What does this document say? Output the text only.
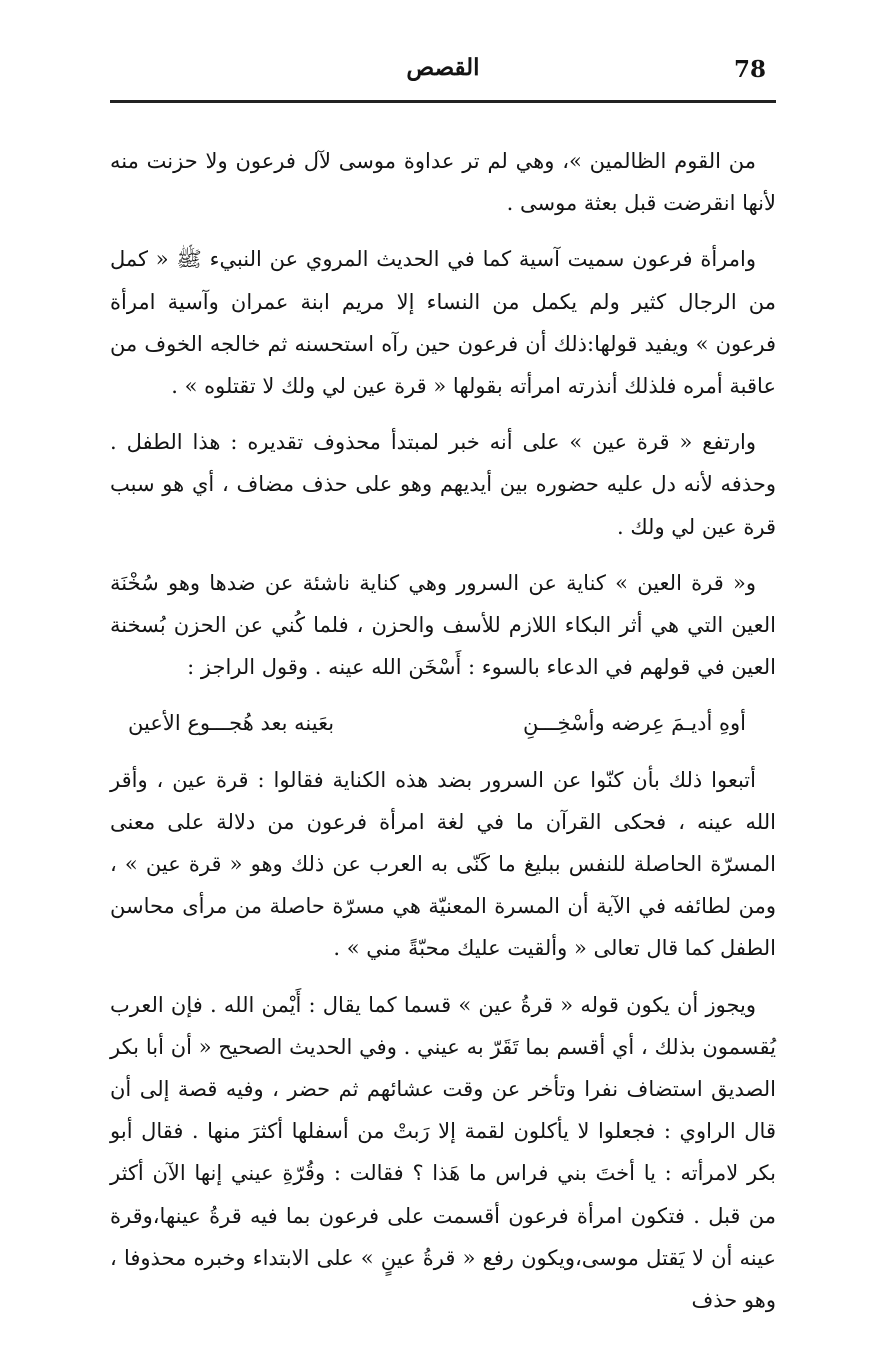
78
القصص

من القوم الظالمين »، وهي لم تر عداوة موسى لآل فرعون ولا حزنت منه لأنها انقرضت قبل بعثة موسى .

وامرأة فرعون سميت آسية كما في الحديث المروي عن النبيء ﷺ « كمل من الرجال كثير ولم يكمل من النساء إلا مريم ابنة عمران وآسية امرأة فرعون » ويفيد قولها:ذلك أن فرعون حين رآه استحسنه ثم خالجه الخوف من عاقبة أمره فلذلك أنذرته امرأته بقولها « قرة عين لي ولك لا تقتلوه » .

وارتفع « قرة عين » على أنه خبر لمبتدأ محذوف تقديره : هذا الطفل . وحذفه لأنه دل عليه حضوره بين أيديهم وهو على حذف مضاف ، أي هو سبب قرة عين لي ولك .

و« قرة العين » كناية عن السرور وهي كناية ناشئة عن ضدها وهو سُخْنَة العين التي هي أثر البكاء اللازم للأسف والحزن ، فلما كُني عن الحزن بُسخنة العين في قولهم في الدعاء بالسوء : أَسْخَن الله عينه . وقول الراجز :

أوهِ أديـمَ عِرضه وأسْخِـــنِ
بعَينه بعد هُجـــوع الأعين

أتبعوا ذلك بأن كنّوا عن السرور بضد هذه الكناية فقالوا : قرة عين ، وأقر الله عينه ، فحكى القرآن ما في لغة امرأة فرعون من دلالة على معنى المسرّة الحاصلة للنفس ببليغ ما كَنّى به العرب عن ذلك وهو « قرة عين » ، ومن لطائفه في الآية أن المسرة المعنيّة هي مسرّة حاصلة من مرأى محاسن الطفل كما قال تعالى « وألقيت عليك محبّةً مني » .

ويجوز أن يكون قوله « قرةُ عين » قسما كما يقال : أَيْمن الله . فإن العرب يُقسمون بذلك ، أي أقسم بما تَقَرّ به عيني . وفي الحديث الصحيح « أن أبا بكر الصديق استضاف نفرا وتأخر عن وقت عشائهم ثم حضر ، وفيه قصة إلى أن قال الراوي : فجعلوا لا يأكلون لقمة إلا رَبتْ من أسفلها أكثرَ منها . فقال أبو بكر لامرأته : يا أختَ بني فراس ما هَذا ؟ فقالت : وقُرّةِ عيني إنها الآن أكثر من قبل . فتكون امرأة فرعون أقسمت على فرعون بما فيه قرةُ عينها،وقرة عينه أن لا يَقتل موسى،ويكون رفع « قرةُ عينٍ » على الابتداء وخبره محذوفا ، وهو حذف
